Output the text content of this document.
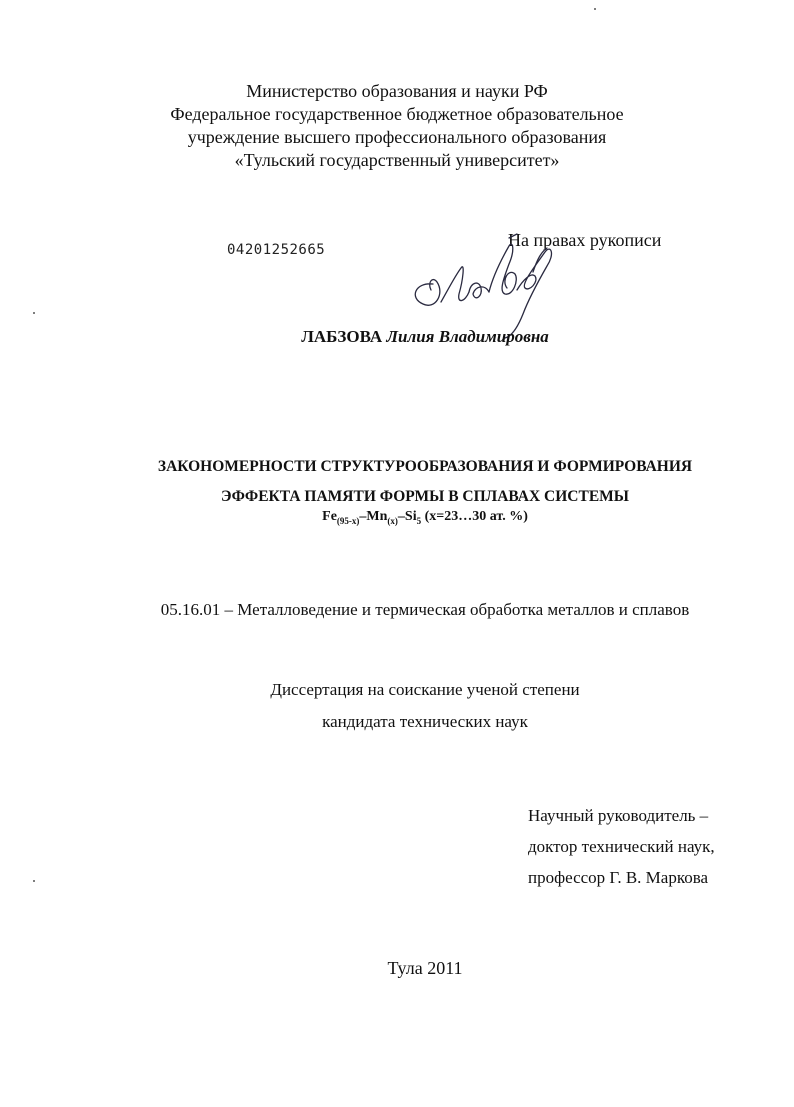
Министерство образования и науки РФ
Федеральное государственное бюджетное образовательное
учреждение высшего профессионального образования
«Тульский государственный университет»
04201252665	На правах рукописи
ЛАБЗОВА Лилия Владимировна
ЗАКОНОМЕРНОСТИ СТРУКТУРООБРАЗОВАНИЯ И ФОРМИРОВАНИЯ
ЭФФЕКТА ПАМЯТИ ФОРМЫ В СПЛАВАХ СИСТЕМЫ
$Fe_{(95-x)}-Mn_{(x)}-Si_5$ (x=23…30 ат. %)
05.16.01 – Металловедение и термическая обработка металлов и сплавов
Диссертация на соискание ученой степени
кандидата технических наук
Научный руководитель –
доктор технический наук,
профессор Г. В. Маркова
Тула 2011
